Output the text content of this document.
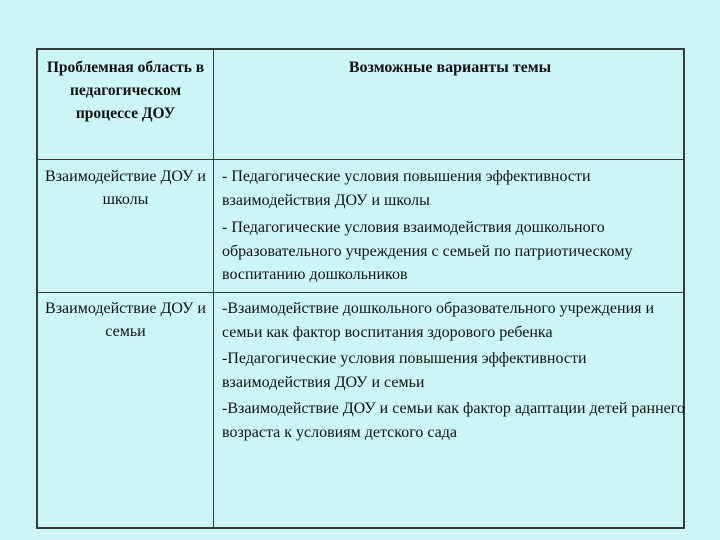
Проблемная область в педагогическом процессе ДОУ
Возможные варианты темы
Взаимодействие ДОУ и школы
- Педагогические условия повышения эффективности взаимодействия ДОУ и школы
- Педагогические условия взаимодействия дошкольного образовательного учреждения с семьей по патриотическому воспитанию дошкольников
Взаимодействие ДОУ и семьи
-Взаимодействие дошкольного образовательного учреждения и семьи как фактор воспитания здорового ребенка
-Педагогические условия повышения эффективности взаимодействия ДОУ и семьи
-Взаимодействие ДОУ и семьи как фактор адаптации детей раннего возраста к условиям детского сада
